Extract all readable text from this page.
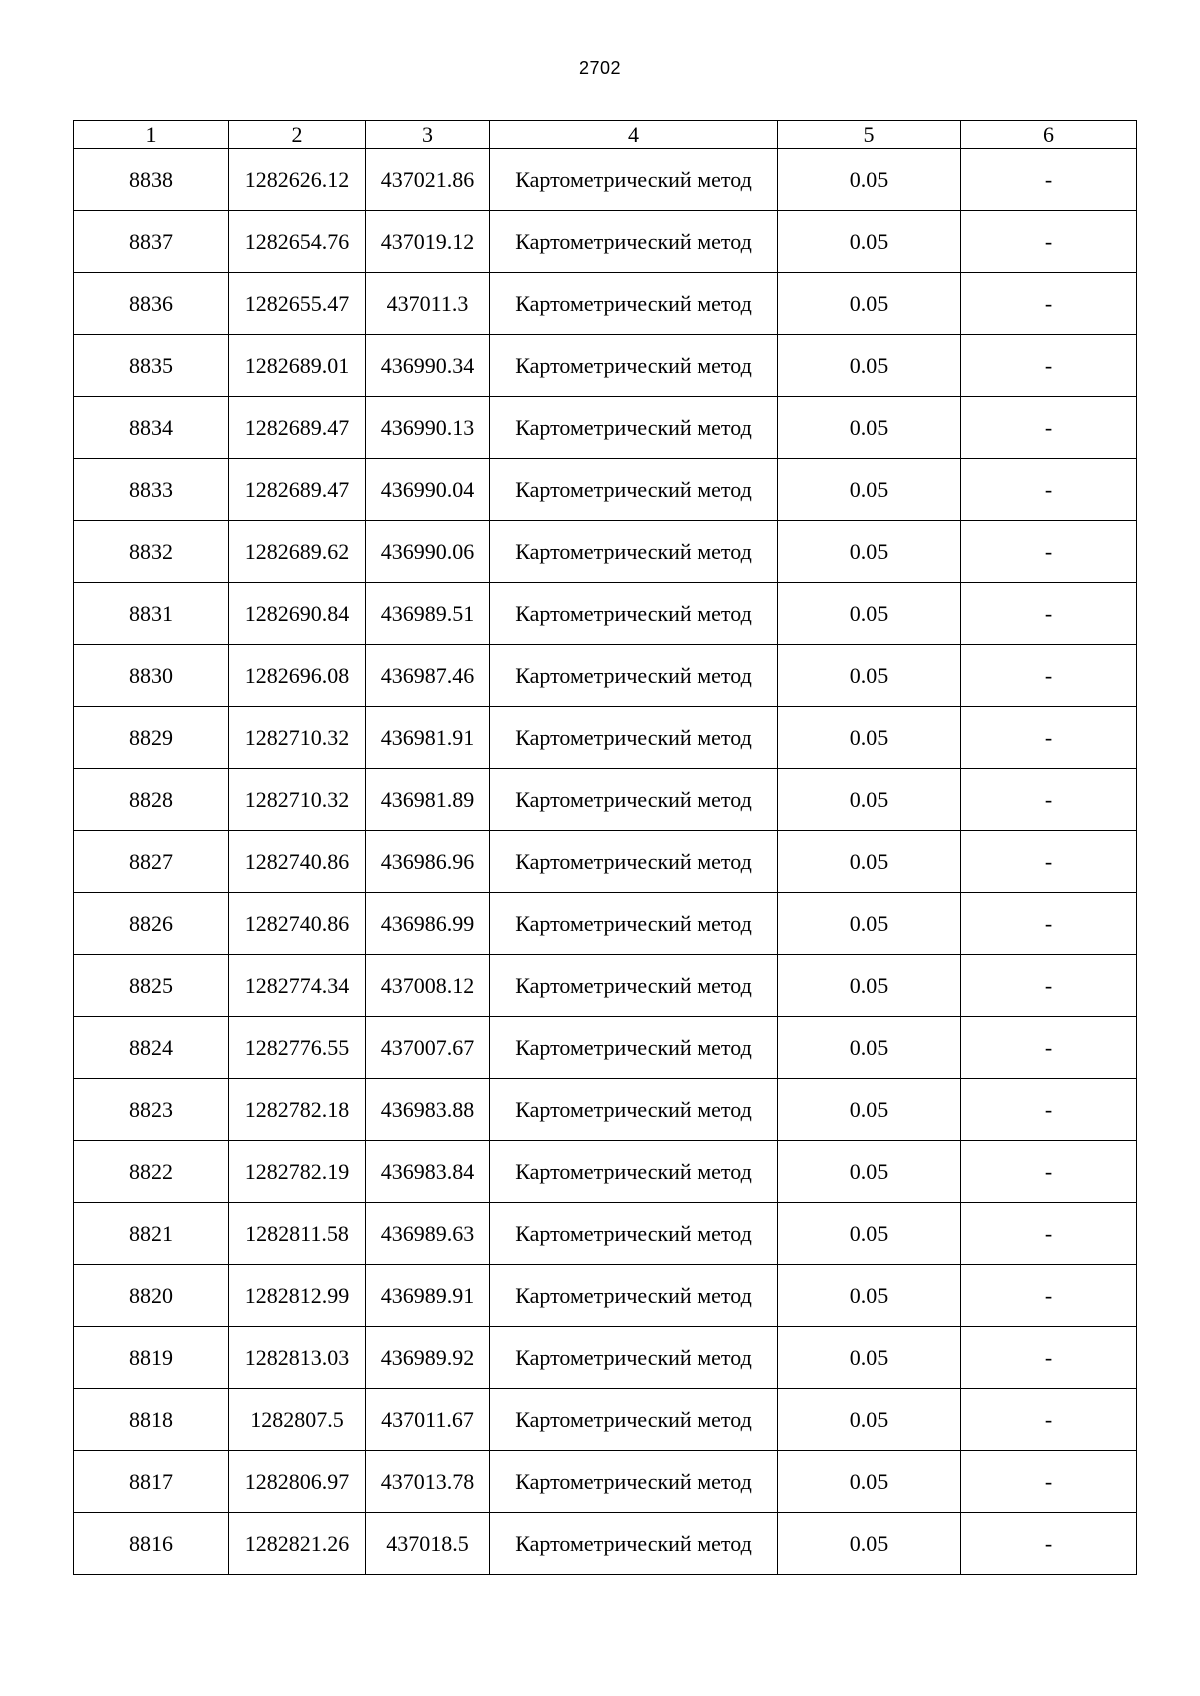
2702
1	2	3	4	5	6
8838	1282626.12	437021.86	Картометрический метод	0.05	-
8837	1282654.76	437019.12	Картометрический метод	0.05	-
8836	1282655.47	437011.3	Картометрический метод	0.05	-
8835	1282689.01	436990.34	Картометрический метод	0.05	-
8834	1282689.47	436990.13	Картометрический метод	0.05	-
8833	1282689.47	436990.04	Картометрический метод	0.05	-
8832	1282689.62	436990.06	Картометрический метод	0.05	-
8831	1282690.84	436989.51	Картометрический метод	0.05	-
8830	1282696.08	436987.46	Картометрический метод	0.05	-
8829	1282710.32	436981.91	Картометрический метод	0.05	-
8828	1282710.32	436981.89	Картометрический метод	0.05	-
8827	1282740.86	436986.96	Картометрический метод	0.05	-
8826	1282740.86	436986.99	Картометрический метод	0.05	-
8825	1282774.34	437008.12	Картометрический метод	0.05	-
8824	1282776.55	437007.67	Картометрический метод	0.05	-
8823	1282782.18	436983.88	Картометрический метод	0.05	-
8822	1282782.19	436983.84	Картометрический метод	0.05	-
8821	1282811.58	436989.63	Картометрический метод	0.05	-
8820	1282812.99	436989.91	Картометрический метод	0.05	-
8819	1282813.03	436989.92	Картометрический метод	0.05	-
8818	1282807.5	437011.67	Картометрический метод	0.05	-
8817	1282806.97	437013.78	Картометрический метод	0.05	-
8816	1282821.26	437018.5	Картометрический метод	0.05	-
